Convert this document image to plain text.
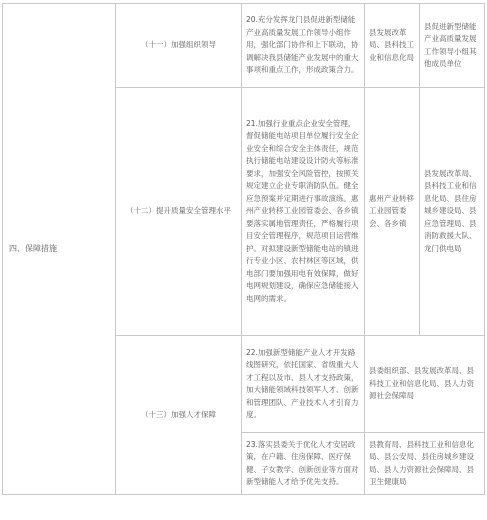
四、保障措施	（十一）加强组织领导	20.充分发挥龙门县促进新型储能产业高质量发展工作领导小组作用，强化部门协作和上下联动，协调解决我县储能产业发展中的重大事项和重点工作，形成政策合力。	县发展改革局、县科技工业和信息化局	县促进新型储能产业高质量发展工作领导小组其他成员单位
	（十二）提升质量安全管理水平	21.加强行业重点企业安全管理，督促储能电站项目单位履行安全企业安全和综合安全主体责任，规范执行储能电站建设设计防火等标准要求，加强安全风险管控，按照关规定建立企业专职消防队伍。健全应急预案并定期进行事故演练。惠州产业转移工业园管委会、各乡镇要落实属地管理责任，严格履行项目安全管理程序，规范项目运营维护。对拟建设新型储能电站的镇进行专业小区、农村林区等区域，供电部门要加强用电有效保障，做好电网规划建设，确保应急储能接入电网的需求。	惠州产业转移工业园管委会、各乡镇	县发展改革局、县科技工业和信息化局、县住房城乡建设局、县应急管理局、县消防救援大队、龙门供电局
	（十三）加强人才保障	22.加强新型储能产业人才开发路线图研究，依托国家、省级重大人才工程以及市、县人才支持政策，加大储能领域科技领军人才、创新和管理团队、产业技术人才引育力度。	县委组织部、县发展改革局、县科技工业和信息化局、县人力资源社会保障局	
		23.落实县委关于优化人才安居政策，在户籍、住房保障、医疗保健、子女教学、创新创业等方面对新型储能人才给予优先支持。	县教育局、县科技工业和信息化局、县公安局、县住房城乡建设局、县人力资源社会保障局、县卫生健康局	
